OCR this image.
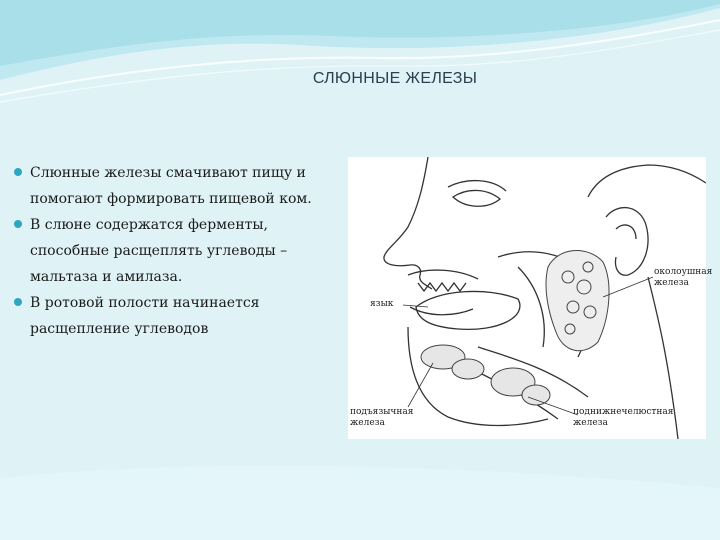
СЛЮННЫЕ ЖЕЛЕЗЫ
Слюнные железы смачивают пищу и
помогают формировать пищевой ком.
В слюне содержатся ферменты,
способные расщеплять углеводы –
мальтаза и амилаза.
В ротовой полости начинается
расщепление углеводов
околоушная
железа
язык
подъязычная
железа
поднижнечелюстная
железа
